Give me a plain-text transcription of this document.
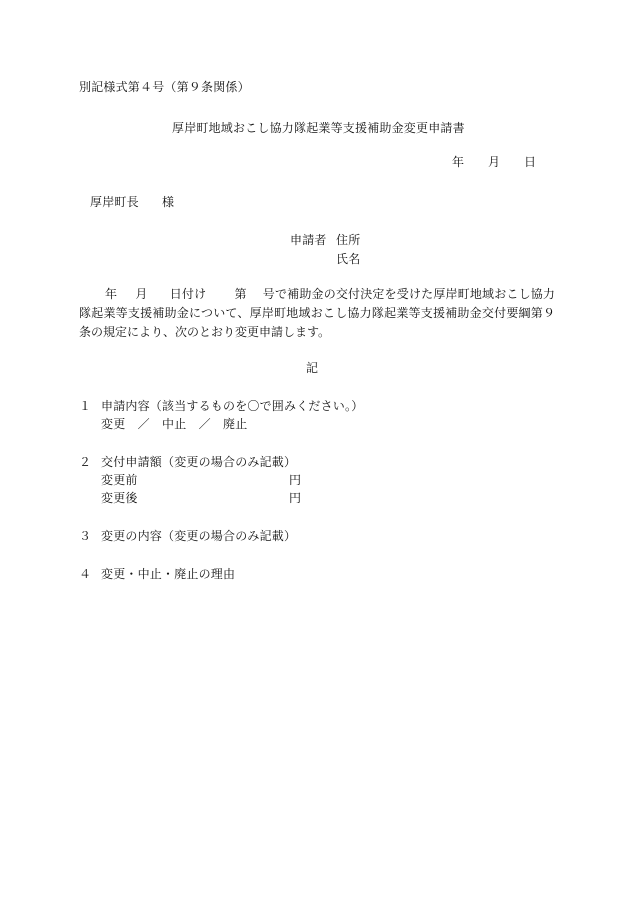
別記様式第４号（第９条関係）
厚岸町地域おこし協力隊起業等支援補助金変更申請書
年 月 日
厚岸町長 様
申請者 住所
氏名
年 月 日付け 第 号で補助金の交付決定を受けた厚岸町地域おこし協力隊起業等支援補助金について、厚岸町地域おこし協力隊起業等支援補助金交付要綱第９条の規定により、次のとおり変更申請します。
記
１ 申請内容（該当するものを〇で囲みください。）
変更　／　中止　／　廃止
２ 交付申請額（変更の場合のみ記載）
変更前	円
変更後	円
３ 変更の内容（変更の場合のみ記載）
４ 変更・中止・廃止の理由
